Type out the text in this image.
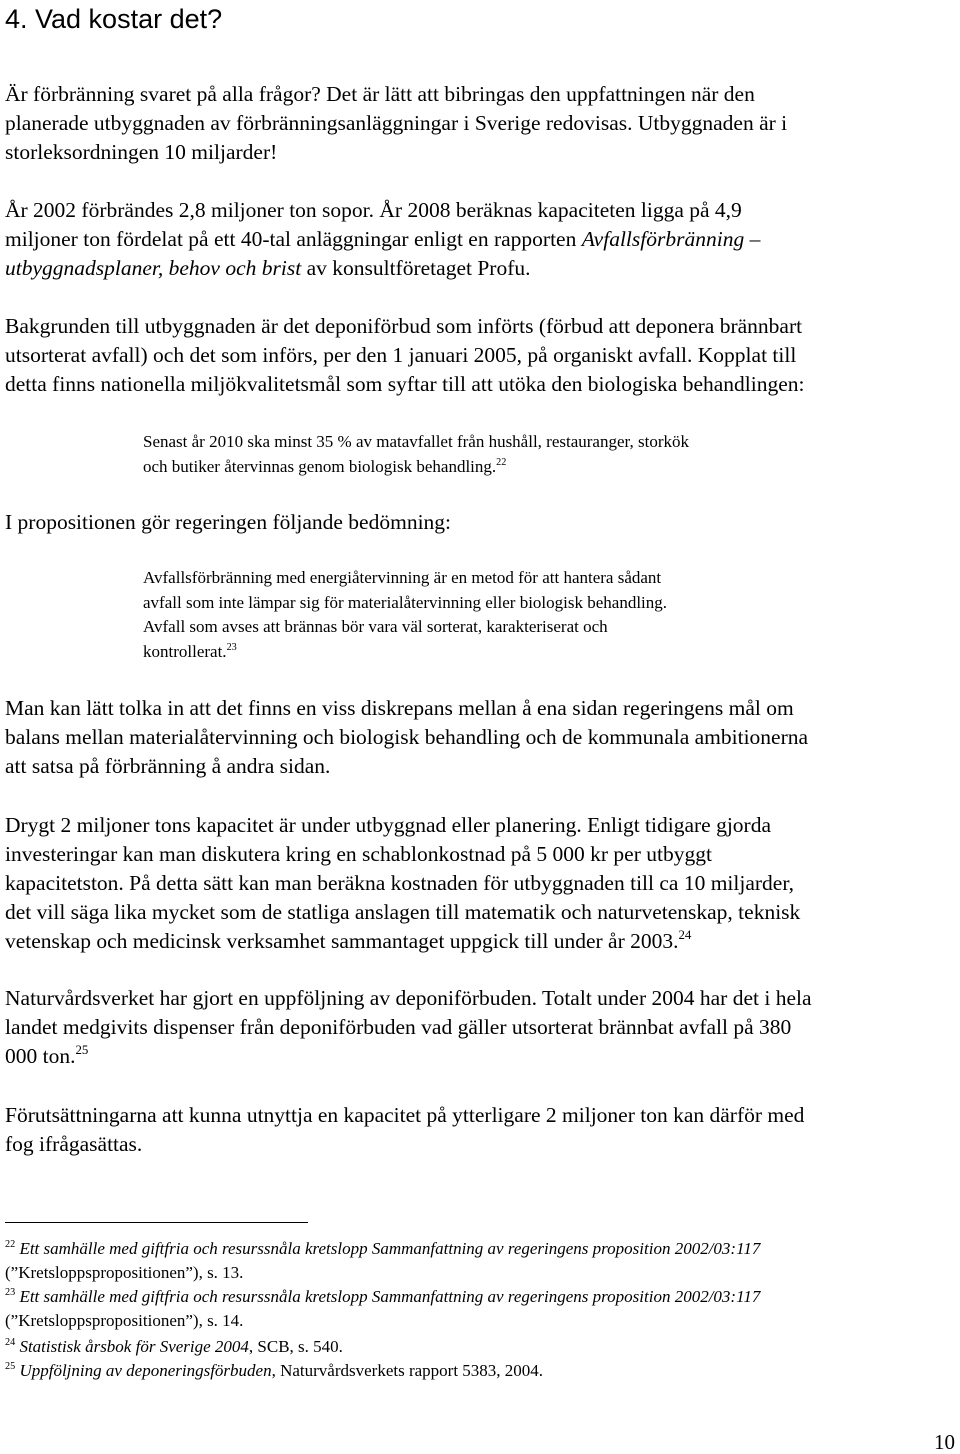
4. Vad kostar det?

Är förbränning svaret på alla frågor? Det är lätt att bibringas den uppfattningen när den
planerade utbyggnaden av förbränningsanläggningar i Sverige redovisas. Utbyggnaden är i
storleksordningen 10 miljarder!

År 2002 förbrändes 2,8 miljoner ton sopor. År 2008 beräknas kapaciteten ligga på 4,9
miljoner ton fördelat på ett 40-tal anläggningar enligt en rapporten Avfallsförbränning –
utbyggnadsplaner, behov och brist av konsultföretaget Profu.

Bakgrunden till utbyggnaden är det deponiförbud som införts (förbud att deponera brännbart
utsorterat avfall) och det som införs, per den 1 januari 2005, på organiskt avfall. Kopplat till
detta finns nationella miljökvalitetsmål som syftar till att utöka den biologiska behandlingen:

Senast år 2010 ska minst 35 % av matavfallet från hushåll, restauranger, storkök
och butiker återvinnas genom biologisk behandling.$^{22}$

I propositionen gör regeringen följande bedömning:

Avfallsförbränning med energiåtervinning är en metod för att hantera sådant
avfall som inte lämpar sig för materialåtervinning eller biologisk behandling.
Avfall som avses att brännas bör vara väl sorterat, karakteriserat och
kontrollerat.$^{23}$

Man kan lätt tolka in att det finns en viss diskrepans mellan å ena sidan regeringens mål om
balans mellan materialåtervinning och biologisk behandling och de kommunala ambitionerna
att satsa på förbränning å andra sidan.

Drygt 2 miljoner tons kapacitet är under utbyggnad eller planering. Enligt tidigare gjorda
investeringar kan man diskutera kring en schablonkostnad på 5 000 kr per utbyggt
kapacitetston. På detta sätt kan man beräkna kostnaden för utbyggnaden till ca 10 miljarder,
det vill säga lika mycket som de statliga anslagen till matematik och naturvetenskap, teknisk
vetenskap och medicinsk verksamhet sammantaget uppgick till under år 2003.24

Naturvårdsverket har gjort en uppföljning av deponiförbuden. Totalt under 2004 har det i hela
landet medgivits dispenser från deponiförbuden vad gäller utsorterat brännbat avfall på 380
000 ton.$^{25}$

Förutsättningarna att kunna utnyttja en kapacitet på ytterligare 2 miljoner ton kan därför med
fog ifrågasättas.

$^{22}$ Ett samhälle med giftfria och resurssnåla kretslopp Sammanfattning av regeringens proposition 2002/03:117
(”Kretsloppspropositionen”), s. 13.

$^{23}$ Ett samhälle med giftfria och resurssnåla kretslopp Sammanfattning av regeringens proposition 2002/03:117
(”Kretsloppspropositionen”), s. 14.

$^{24}$ Statistisk årsbok för Sverige 2004, SCB, s. 540.

$^{25}$ Uppföljning av deponeringsförbuden, Naturvårdsverkets rapport 5383, 2004.

10
